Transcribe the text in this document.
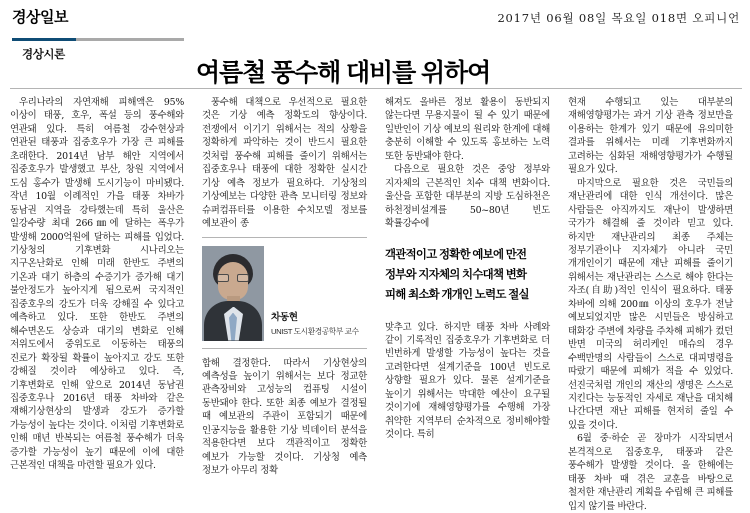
경상일보	2017년 06월 08일 목요일 018면 오피니언
경상시론
여름철 풍수해 대비를 위하여

우리나라의 자연재해 피해액은 95% 이상이 태풍, 호우, 폭설 등의 풍수해와 연관돼 있다. 특히 여름철 강수현상과 연관된 태풍과 집중호우가 가장 큰 피해를 초래한다. 2014년 남부 해안 지역에서 집중호우가 발생했고 부산, 창원 지역에서 도심 홍수가 발생해 도시기능이 마비됐다. 작년 10월 이례적인 가을 태풍 차바가 동남권 지역을 강타했는데 특히 울산은 일강수량 최대 266㎜에 달하는 폭우가 발생해 2000억원에 달하는 피해를 입었다. 기상청의 기후변화 시나리오는 지구온난화로 인해 미래 한반도 주변의 기온과 대기 하층의 수증기가 증가해 대기 불안정도가 높아지게 됨으로써 국지적인 집중호우의 강도가 더욱 강해질 수 있다고 예측하고 있다. 또한 한반도 주변의 해수면온도 상승과 대기의 변화로 인해 저위도에서 중위도로 이동하는 태풍의 진로가 확장될 확률이 높아지고 강도 또한 강해질 것이라 예상하고 있다. 즉, 기후변화로 인해 앞으로 2014년 동남권 집중호우나 2016년 태풍 차바와 같은 재해기상현상의 발생과 강도가 증가할 가능성이 높다는 것이다. 이처럼 기후변화로 인해 매년 반복되는 여름철 풍수해가 더욱 증가할 가능성이 높기 때문에 이에 대한 근본적인 대책을 마련할 필요가 있다.

풍수해 대책으로 우선적으로 필요한 것은 기상 예측 정확도의 향상이다. 전쟁에서 이기기 위해서는 적의 상황을 정확하게 파악하는 것이 반드시 필요한 것처럼 풍수해 피해를 줄이기 위해서는 집중호우나 태풍에 대한 정확한 실시간 기상 예측 정보가 필요하다. 기상청의 기상예보는 다양한 관측 모니터링 정보와 슈퍼컴퓨터를 이용한 수치모델 정보를 예보관이 종

차동현
UNIST 도시환경공학부 교수

합해 결정한다. 따라서 기상현상의 예측성을 높이기 위해서는 보다 정교한 관측장비와 고성능의 컴퓨팅 시설이 동반돼야 한다. 또한 최종 예보가 결정될 때 예보관의 주관이 포함되기 때문에 인공지능을 활용한 기상 빅데이터 분석을 적용한다면 보다 객관적이고 정확한 예보가 가능할 것이다. 기상청 예측 정보가 아무리 정확

해져도 올바른 정보 활용이 동반되지 않는다면 무용지물이 될 수 있기 때문에 일반인이 기상 예보의 원리와 한계에 대해 충분히 이해할 수 있도록 홍보하는 노력 또한 동반돼야 한다.

다음으로 필요한 것은 중앙 정부와 지자체의 근본적인 치수 대책 변화이다. 울산을 포함한 대부분의 지방 도심하천은 하천정비설계를 50~80년 빈도 확률강수에

객관적이고 정확한 예보에 만전
정부와 지자체의 치수대책 변화
피해 최소화 개개인 노력도 절실

맞추고 있다. 하지만 태풍 차바 사례와 같이 기록적인 집중호우가 기후변화로 더 빈번하게 발생할 가능성이 높다는 것을 고려한다면 설계기준을 100년 빈도로 상향할 필요가 있다. 물론 설계기준을 높이기 위해서는 막대한 예산이 요구될 것이기에 재해영향평가를 수행해 가장 취약한 지역부터 순차적으로 정비해야할 것이다. 특히

현재 수행되고 있는 대부분의 재해영향평가는 과거 기상 관측 정보만을 이용하는 한계가 있기 때문에 유의미한 결과를 위해서는 미래 기후변화까지 고려하는 심화된 재해영향평가가 수행될 필요가 있다.

마지막으로 필요한 것은 국민들의 재난관리에 대한 인식 개선이다. 많은 사람들은 아직까지도 재난이 발생하면 국가가 해결해 줄 것이라 믿고 있다. 하지만 재난관리의 최종 주체는 정부기관이나 지자체가 아니라 국민 개개인이기 때문에 재난 피해를 줄이기 위해서는 재난관리는 스스로 해야 한다는 자조(自助)적인 인식이 필요하다. 태풍 차바에 의해 200㎜ 이상의 호우가 전날 예보되었지만 많은 시민들은 방심하고 태화강 주변에 차량을 주차해 피해가 컸던 반면 미국의 허리케인 매슈의 경우 수백만명의 사람들이 스스로 대피명령을 따랐기 때문에 피해가 적을 수 있었다. 선진국처럼 개인의 재산의 생명은 스스로 지킨다는 능동적인 자세로 재난을 대치해 나간다면 재난 피해를 현저히 줄일 수 있을 것이다.

6월 중·하순 곧 장마가 시작되면서 본격적으로 집중호우, 태풍과 같은 풍수해가 발생할 것이다. 올 한해에는 태풍 차바 때 겪은 교훈을 바탕으로 철저한 재난관리 계획을 수립해 큰 피해를 입지 않기를 바란다.
